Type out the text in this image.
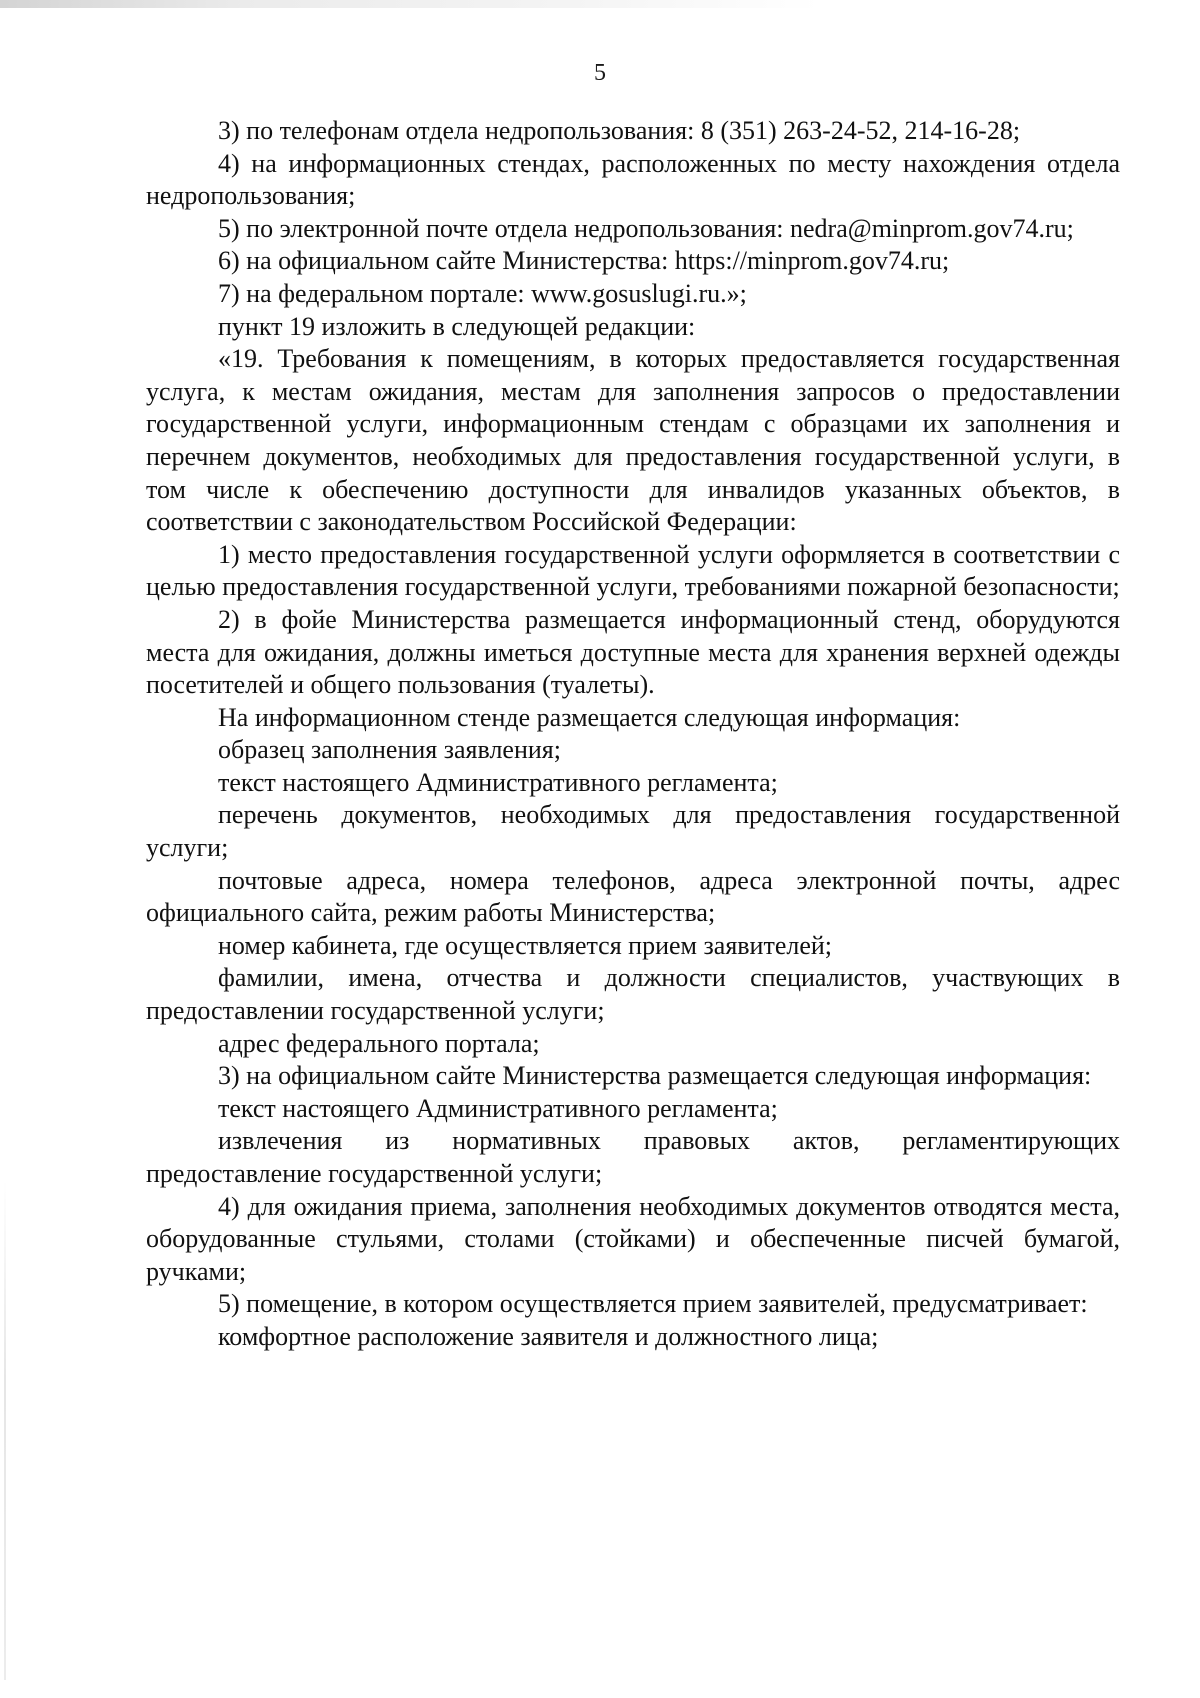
5

3) по телефонам отдела недропользования: 8 (351) 263-24-52, 214-16-28;

4) на информационных стендах, расположенных по месту нахождения отдела недропользования;

5) по электронной почте отдела недропользования: nedra@minprom.gov74.ru;

6) на официальном сайте Министерства: https://minprom.gov74.ru;

7) на федеральном портале: www.gosuslugi.ru.»;

пункт 19 изложить в следующей редакции:

«19. Требования к помещениям, в которых предоставляется государственная услуга, к местам ожидания, местам для заполнения запросов о предоставлении государственной услуги, информационным стендам с образцами их заполнения и перечнем документов, необходимых для предоставления государственной услуги, в том числе к обеспечению доступности для инвалидов указанных объектов, в соответствии с законодательством Российской Федерации:

1) место предоставления государственной услуги оформляется в соответствии с целью предоставления государственной услуги, требованиями пожарной безопасности;

2) в фойе Министерства размещается информационный стенд, оборудуются места для ожидания, должны иметься доступные места для хранения верхней одежды посетителей и общего пользования (туалеты).

На информационном стенде размещается следующая информация:

образец заполнения заявления;

текст настоящего Административного регламента;

перечень документов, необходимых для предоставления государственной услуги;

почтовые адреса, номера телефонов, адреса электронной почты, адрес официального сайта, режим работы Министерства;

номер кабинета, где осуществляется прием заявителей;

фамилии, имена, отчества и должности специалистов, участвующих в предоставлении государственной услуги;

адрес федерального портала;

3) на официальном сайте Министерства размещается следующая информация:

текст настоящего Административного регламента;

извлечения из нормативных правовых актов, регламентирующих предоставление государственной услуги;

4) для ожидания приема, заполнения необходимых документов отводятся места, оборудованные стульями, столами (стойками) и обеспеченные писчей бумагой, ручками;

5) помещение, в котором осуществляется прием заявителей, предусматривает:

комфортное расположение заявителя и должностного лица;
